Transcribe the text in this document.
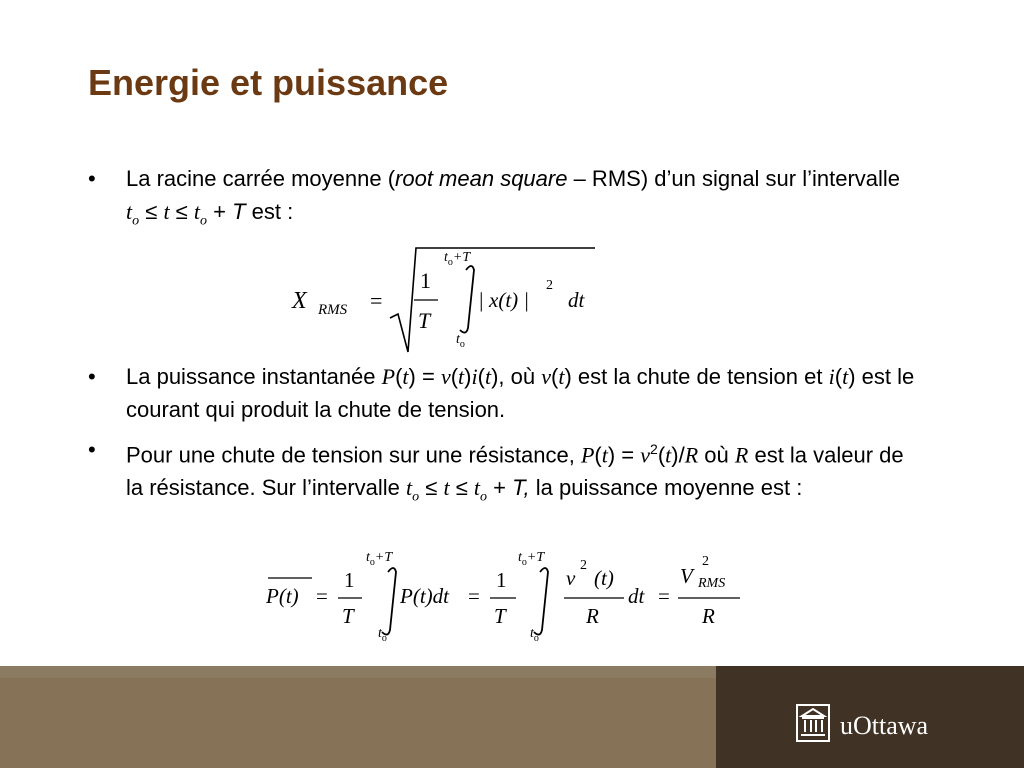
Energie et puissance
• La racine carrée moyenne (root mean square – RMS) d’un signal sur l’intervalle $t_o \le t \le t_o + T$ est :
X RMS =
1
T
$t_o+T$
$t_o$
| x(t) |
2
dt
• La puissance instantanée P(t) = v(t)i(t), où v(t) est la chute de tension et i(t) est le courant qui produit la chute de tension.
• Pour une chute de tension sur une résistance, $P(t) = v^2(t)/R$ où R est la valeur de la résistance. Sur l’intervalle $t_o \le t \le t_o + T$, la puissance moyenne est :
P(t) =
1
T
$t_o+T$
$t_o$
P(t)dt =
1
T
$t_o+T$
$t_o$
v
2
(t)
R
dt =
V
2
RMS
R
uOttawa
